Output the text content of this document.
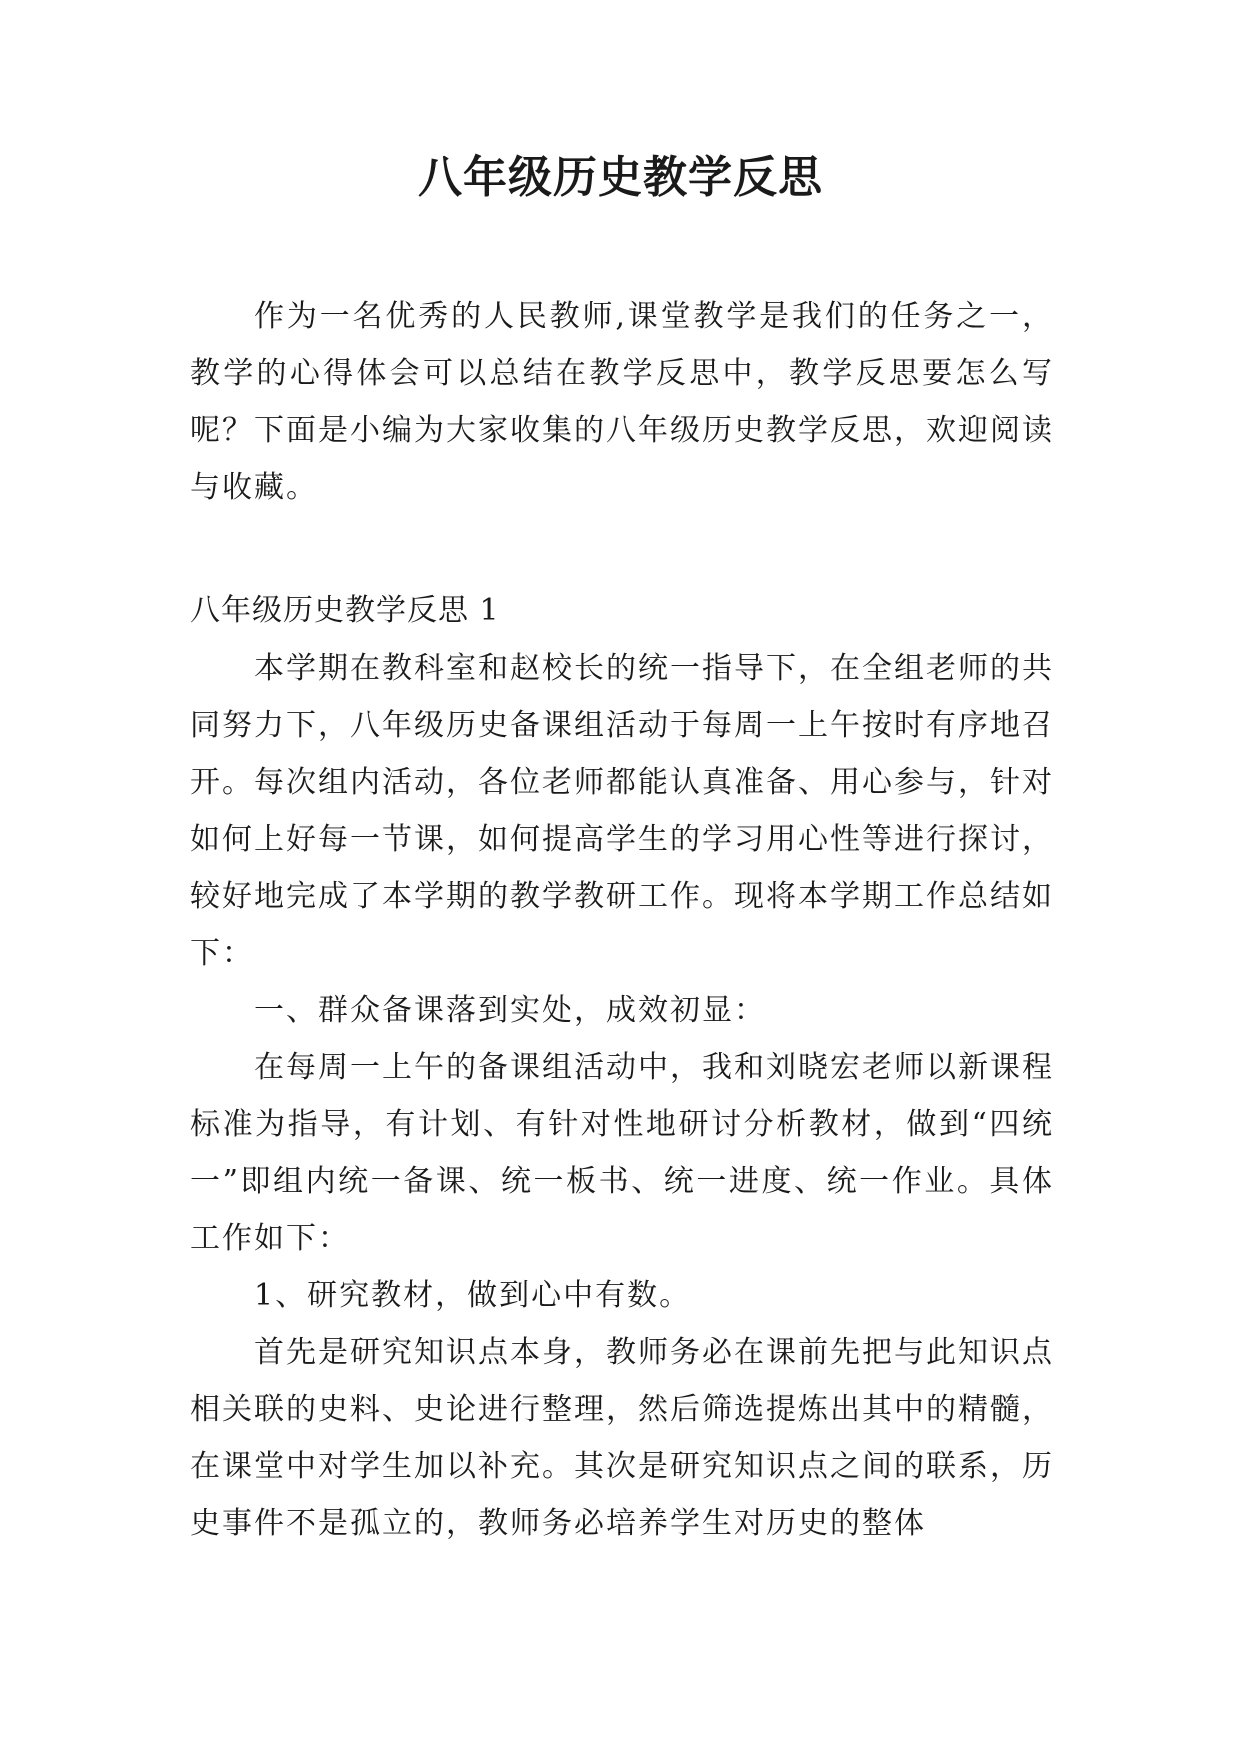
八年级历史教学反思

作为一名优秀的人民教师,课堂教学是我们的任务之一，教学的心得体会可以总结在教学反思中，教学反思要怎么写呢？下面是小编为大家收集的八年级历史教学反思，欢迎阅读与收藏。

八年级历史教学反思 1

本学期在教科室和赵校长的统一指导下，在全组老师的共同努力下，八年级历史备课组活动于每周一上午按时有序地召开。每次组内活动，各位老师都能认真准备、用心参与，针对如何上好每一节课，如何提高学生的学习用心性等进行探讨，较好地完成了本学期的教学教研工作。现将本学期工作总结如下：

一、群众备课落到实处，成效初显：

在每周一上午的备课组活动中，我和刘晓宏老师以新课程标准为指导，有计划、有针对性地研讨分析教材，做到“四统一”即组内统一备课、统一板书、统一进度、统一作业。具体工作如下：

1、研究教材，做到心中有数。

首先是研究知识点本身，教师务必在课前先把与此知识点相关联的史料、史论进行整理，然后筛选提炼出其中的精髓，在课堂中对学生加以补充。其次是研究知识点之间的联系，历史事件不是孤立的，教师务必培养学生对历史的整体
